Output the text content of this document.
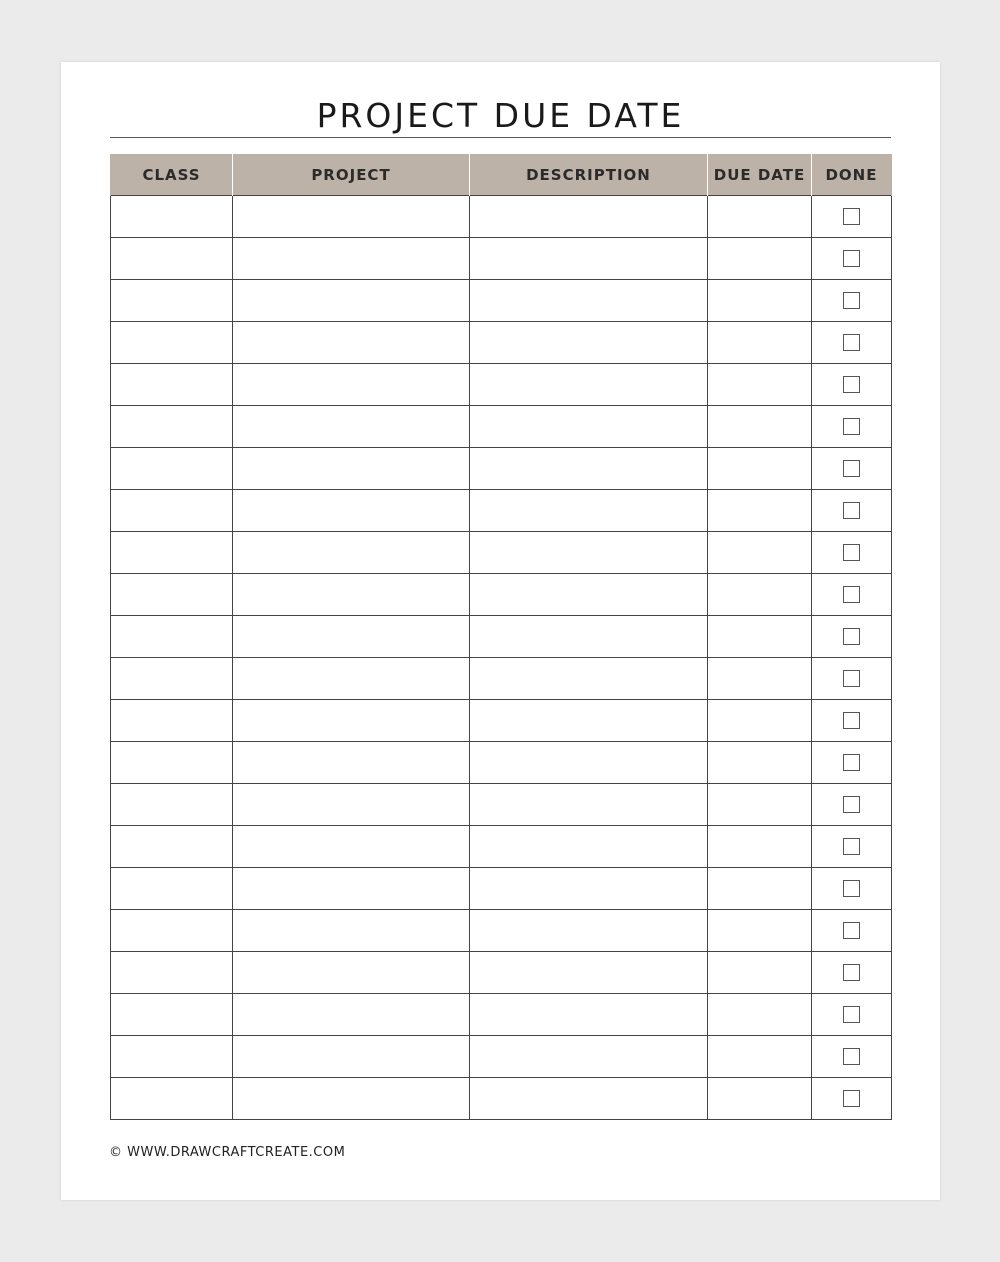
PROJECT DUE DATE
CLASS	PROJECT	DESCRIPTION	DUE DATE	DONE

© WWW.DRAWCRAFTCREATE.COM
